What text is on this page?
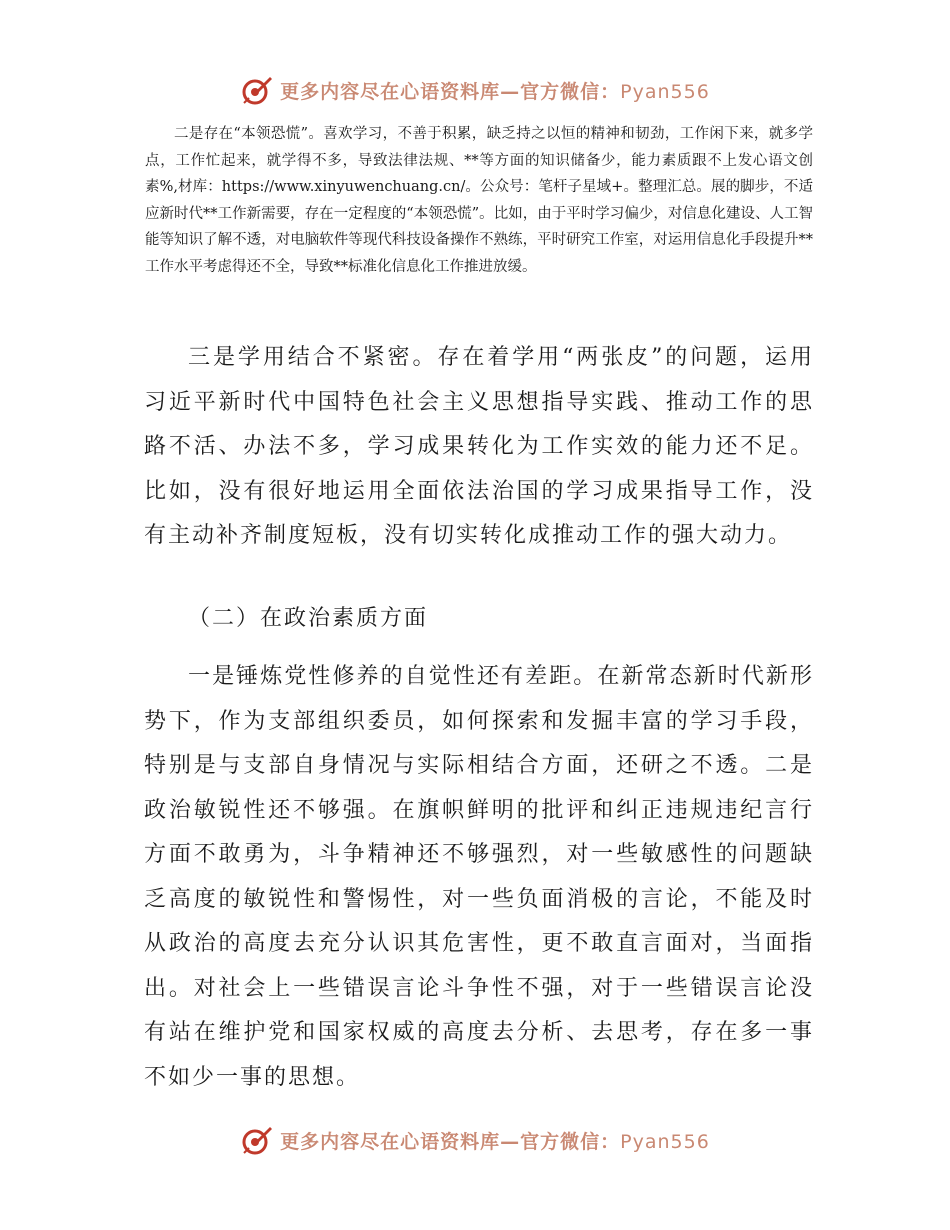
更多内容尽在心语资料库—官方微信：Pyan556

二是存在“本领恐慌”。喜欢学习，不善于积累，缺乏持之以恒的精神和韧劲，工作闲下来，就多学点，工作忙起来，就学得不多，导致法律法规、**等方面的知识储备少，能力素质跟不上发心语文创素%,材库：https://www.xinyuwenchuang.cn/。公众号：笔杆子星域+。整理汇总。展的脚步，不适应新时代**工作新需要，存在一定程度的“本领恐慌”。比如，由于平时学习偏少，对信息化建设、人工智能等知识了解不透，对电脑软件等现代科技设备操作不熟练，平时研究工作室，对运用信息化手段提升**工作水平考虑得还不全，导致**标准化信息化工作推进放缓。

三是学用结合不紧密。存在着学用“两张皮”的问题，运用习近平新时代中国特色社会主义思想指导实践、推动工作的思路不活、办法不多，学习成果转化为工作实效的能力还不足。比如，没有很好地运用全面依法治国的学习成果指导工作，没有主动补齐制度短板，没有切实转化成推动工作的强大动力。

（二）在政治素质方面

一是锤炼党性修养的自觉性还有差距。在新常态新时代新形势下，作为支部组织委员，如何探索和发掘丰富的学习手段，特别是与支部自身情况与实际相结合方面，还研之不透。二是政治敏锐性还不够强。在旗帜鲜明的批评和纠正违规违纪言行方面不敢勇为，斗争精神还不够强烈，对一些敏感性的问题缺乏高度的敏锐性和警惕性，对一些负面消极的言论，不能及时从政治的高度去充分认识其危害性，更不敢直言面对，当面指出。对社会上一些错误言论斗争性不强，对于一些错误言论没有站在维护党和国家权威的高度去分析、去思考，存在多一事不如少一事的思想。

更多内容尽在心语资料库—官方微信：Pyan556
